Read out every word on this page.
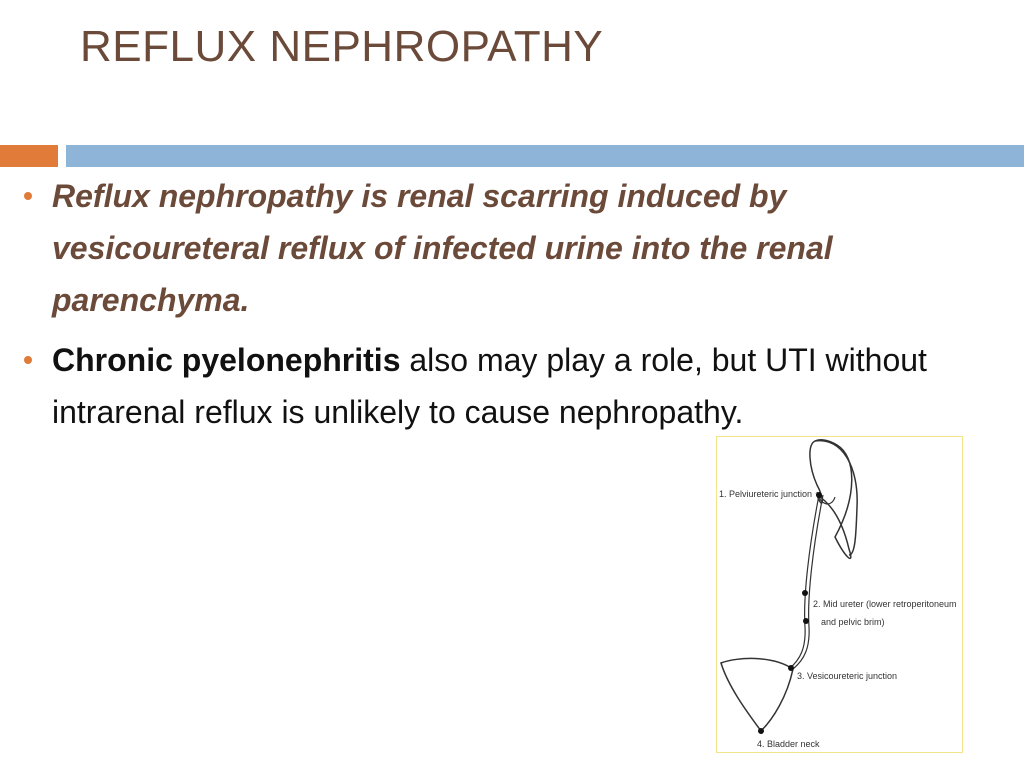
REFLUX NEPHROPATHY
Reflux nephropathy is renal scarring induced by vesicoureteral reflux of infected urine into the renal parenchyma.
Chronic pyelonephritis also may play a role, but UTI without intrarenal reflux is unlikely to cause nephropathy.
1. Pelviureteric junction
2. Mid ureter (lower retroperitoneum
and pelvic brim)
3. Vesicoureteric junction
4. Bladder neck
